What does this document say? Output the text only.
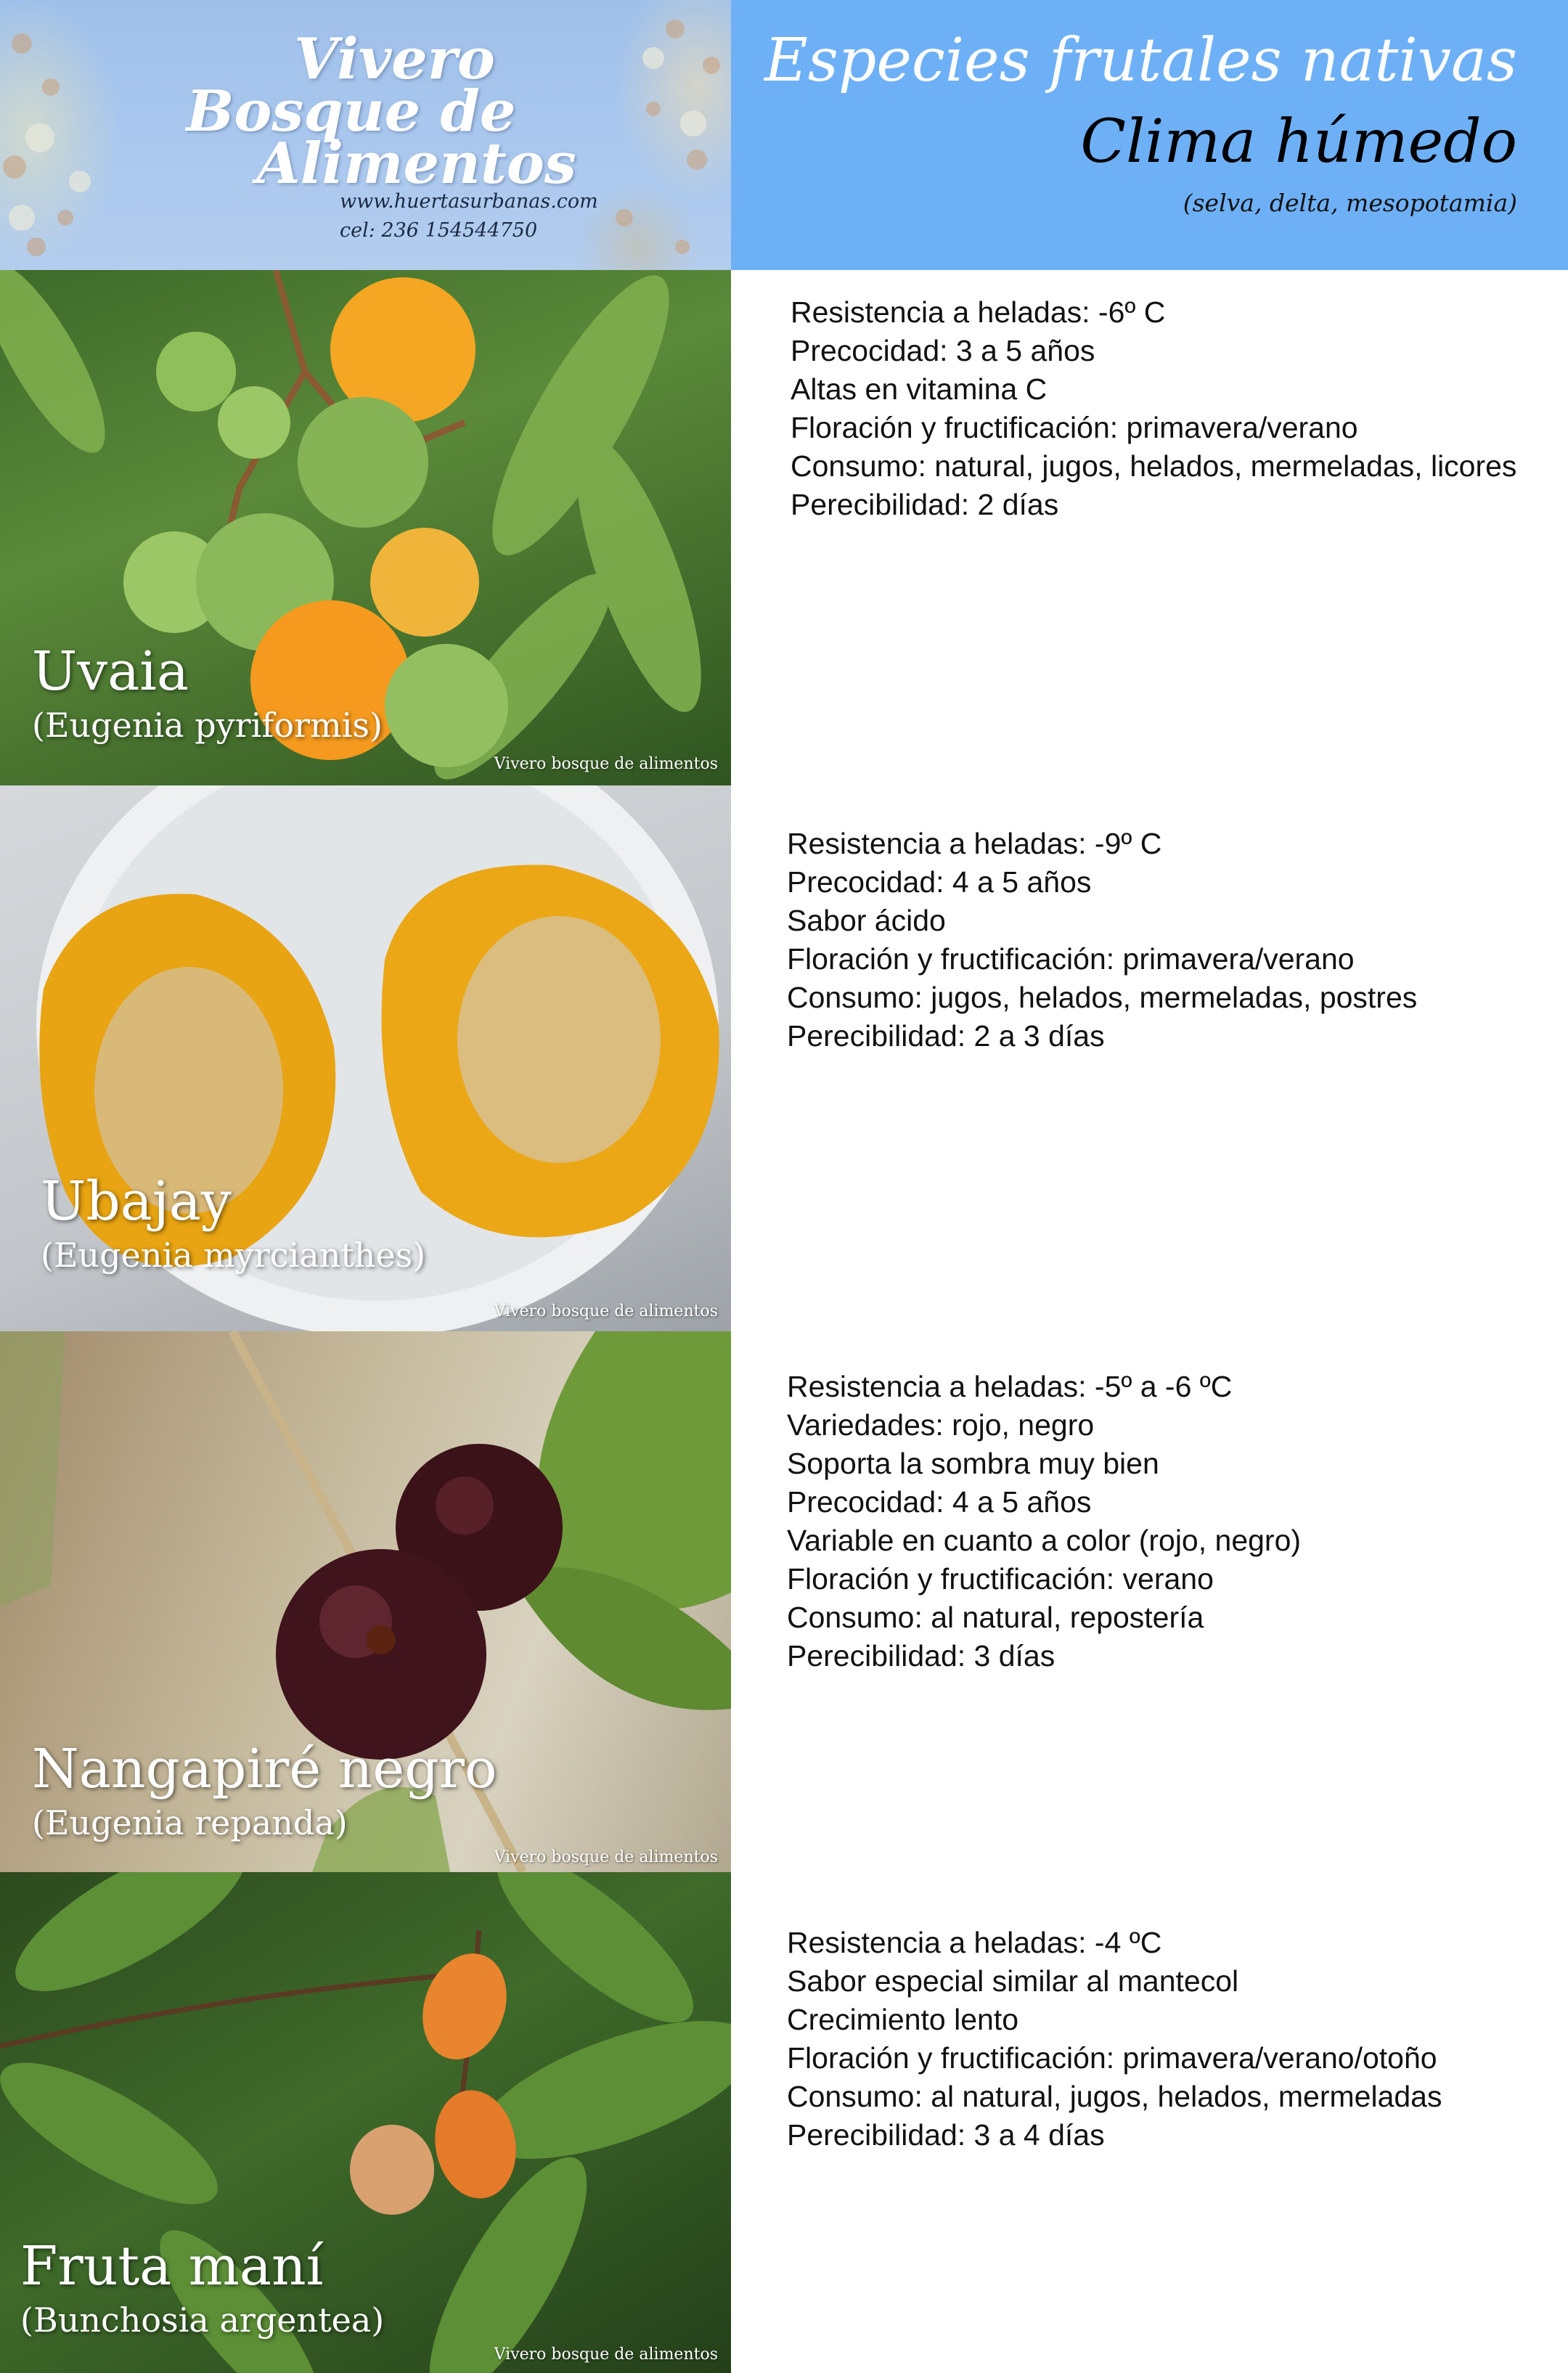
Vivero
Bosque de
Alimentos
www.huertasurbanas.com
cel: 236 154544750
Especies frutales nativas
Clima húmedo
(selva, delta, mesopotamia)
Uvaia
(Eugenia pyriformis)
Vivero bosque de alimentos
Resistencia a heladas: -6º C
Precocidad: 3 a 5 años
Altas en vitamina C
Floración y fructificación: primavera/verano
Consumo: natural, jugos, helados, mermeladas, licores
Perecibilidad: 2 días
Ubajay
(Eugenia myrcianthes)
Vivero bosque de alimentos
Resistencia a heladas: -9º C
Precocidad: 4 a 5 años
Sabor ácido
Floración y fructificación: primavera/verano
Consumo: jugos, helados, mermeladas, postres
Perecibilidad: 2 a 3 días
Nangapiré negro
(Eugenia repanda)
Vivero bosque de alimentos
Resistencia a heladas: -5º a -6 ºC
Variedades: rojo, negro
Soporta la sombra muy bien
Precocidad: 4 a 5 años
Variable en cuanto a color (rojo, negro)
Floración y fructificación: verano
Consumo: al natural, repostería
Perecibilidad: 3 días
Fruta maní
(Bunchosia argentea)
Vivero bosque de alimentos
Resistencia a heladas: -4 ºC
Sabor especial similar al mantecol
Crecimiento lento
Floración y fructificación: primavera/verano/otoño
Consumo: al natural, jugos, helados, mermeladas
Perecibilidad: 3 a 4 días
